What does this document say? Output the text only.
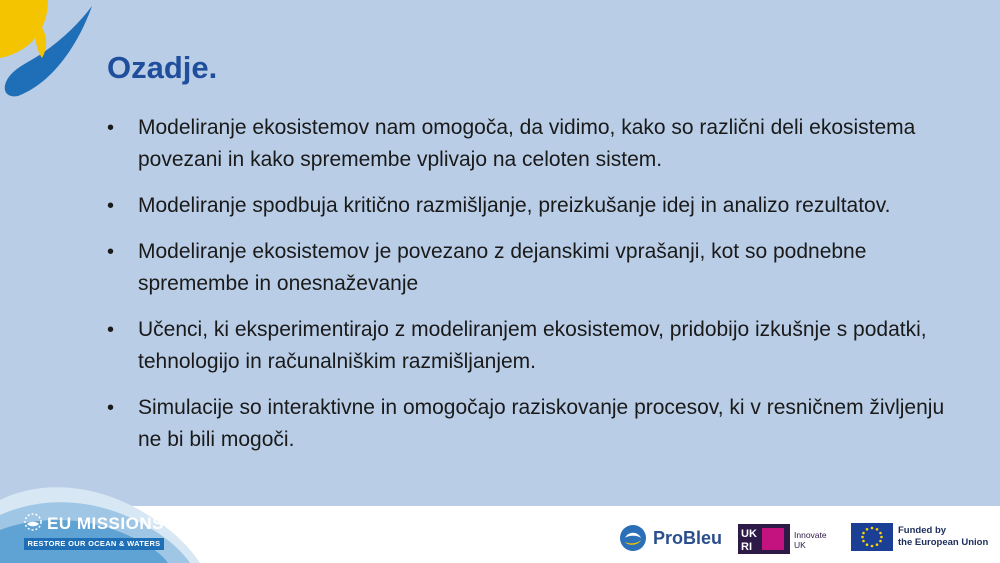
Ozadje.
• Modeliranje ekosistemov nam omogoča, da vidimo, kako so različni deli ekosistema povezani in kako spremembe vplivajo na celoten sistem.
• Modeliranje spodbuja kritično razmišljanje, preizkušanje idej in analizo rezultatov.
• Modeliranje ekosistemov je povezano z dejanskimi vprašanji, kot so podnebne spremembe in onesnaževanje
• Učenci, ki eksperimentirajo z modeliranjem ekosistemov, pridobijo izkušnje s podatki, tehnologijo in računalniškim razmišljanjem.
• Simulacije so interaktivne in omogočajo raziskovanje procesov, ki v resničnem življenju ne bi bili mogoči.
EU MISSIONS
RESTORE OUR OCEAN & WATERS	ProBleu UK
RI
Innovate
UK
Funded by
the European Union
